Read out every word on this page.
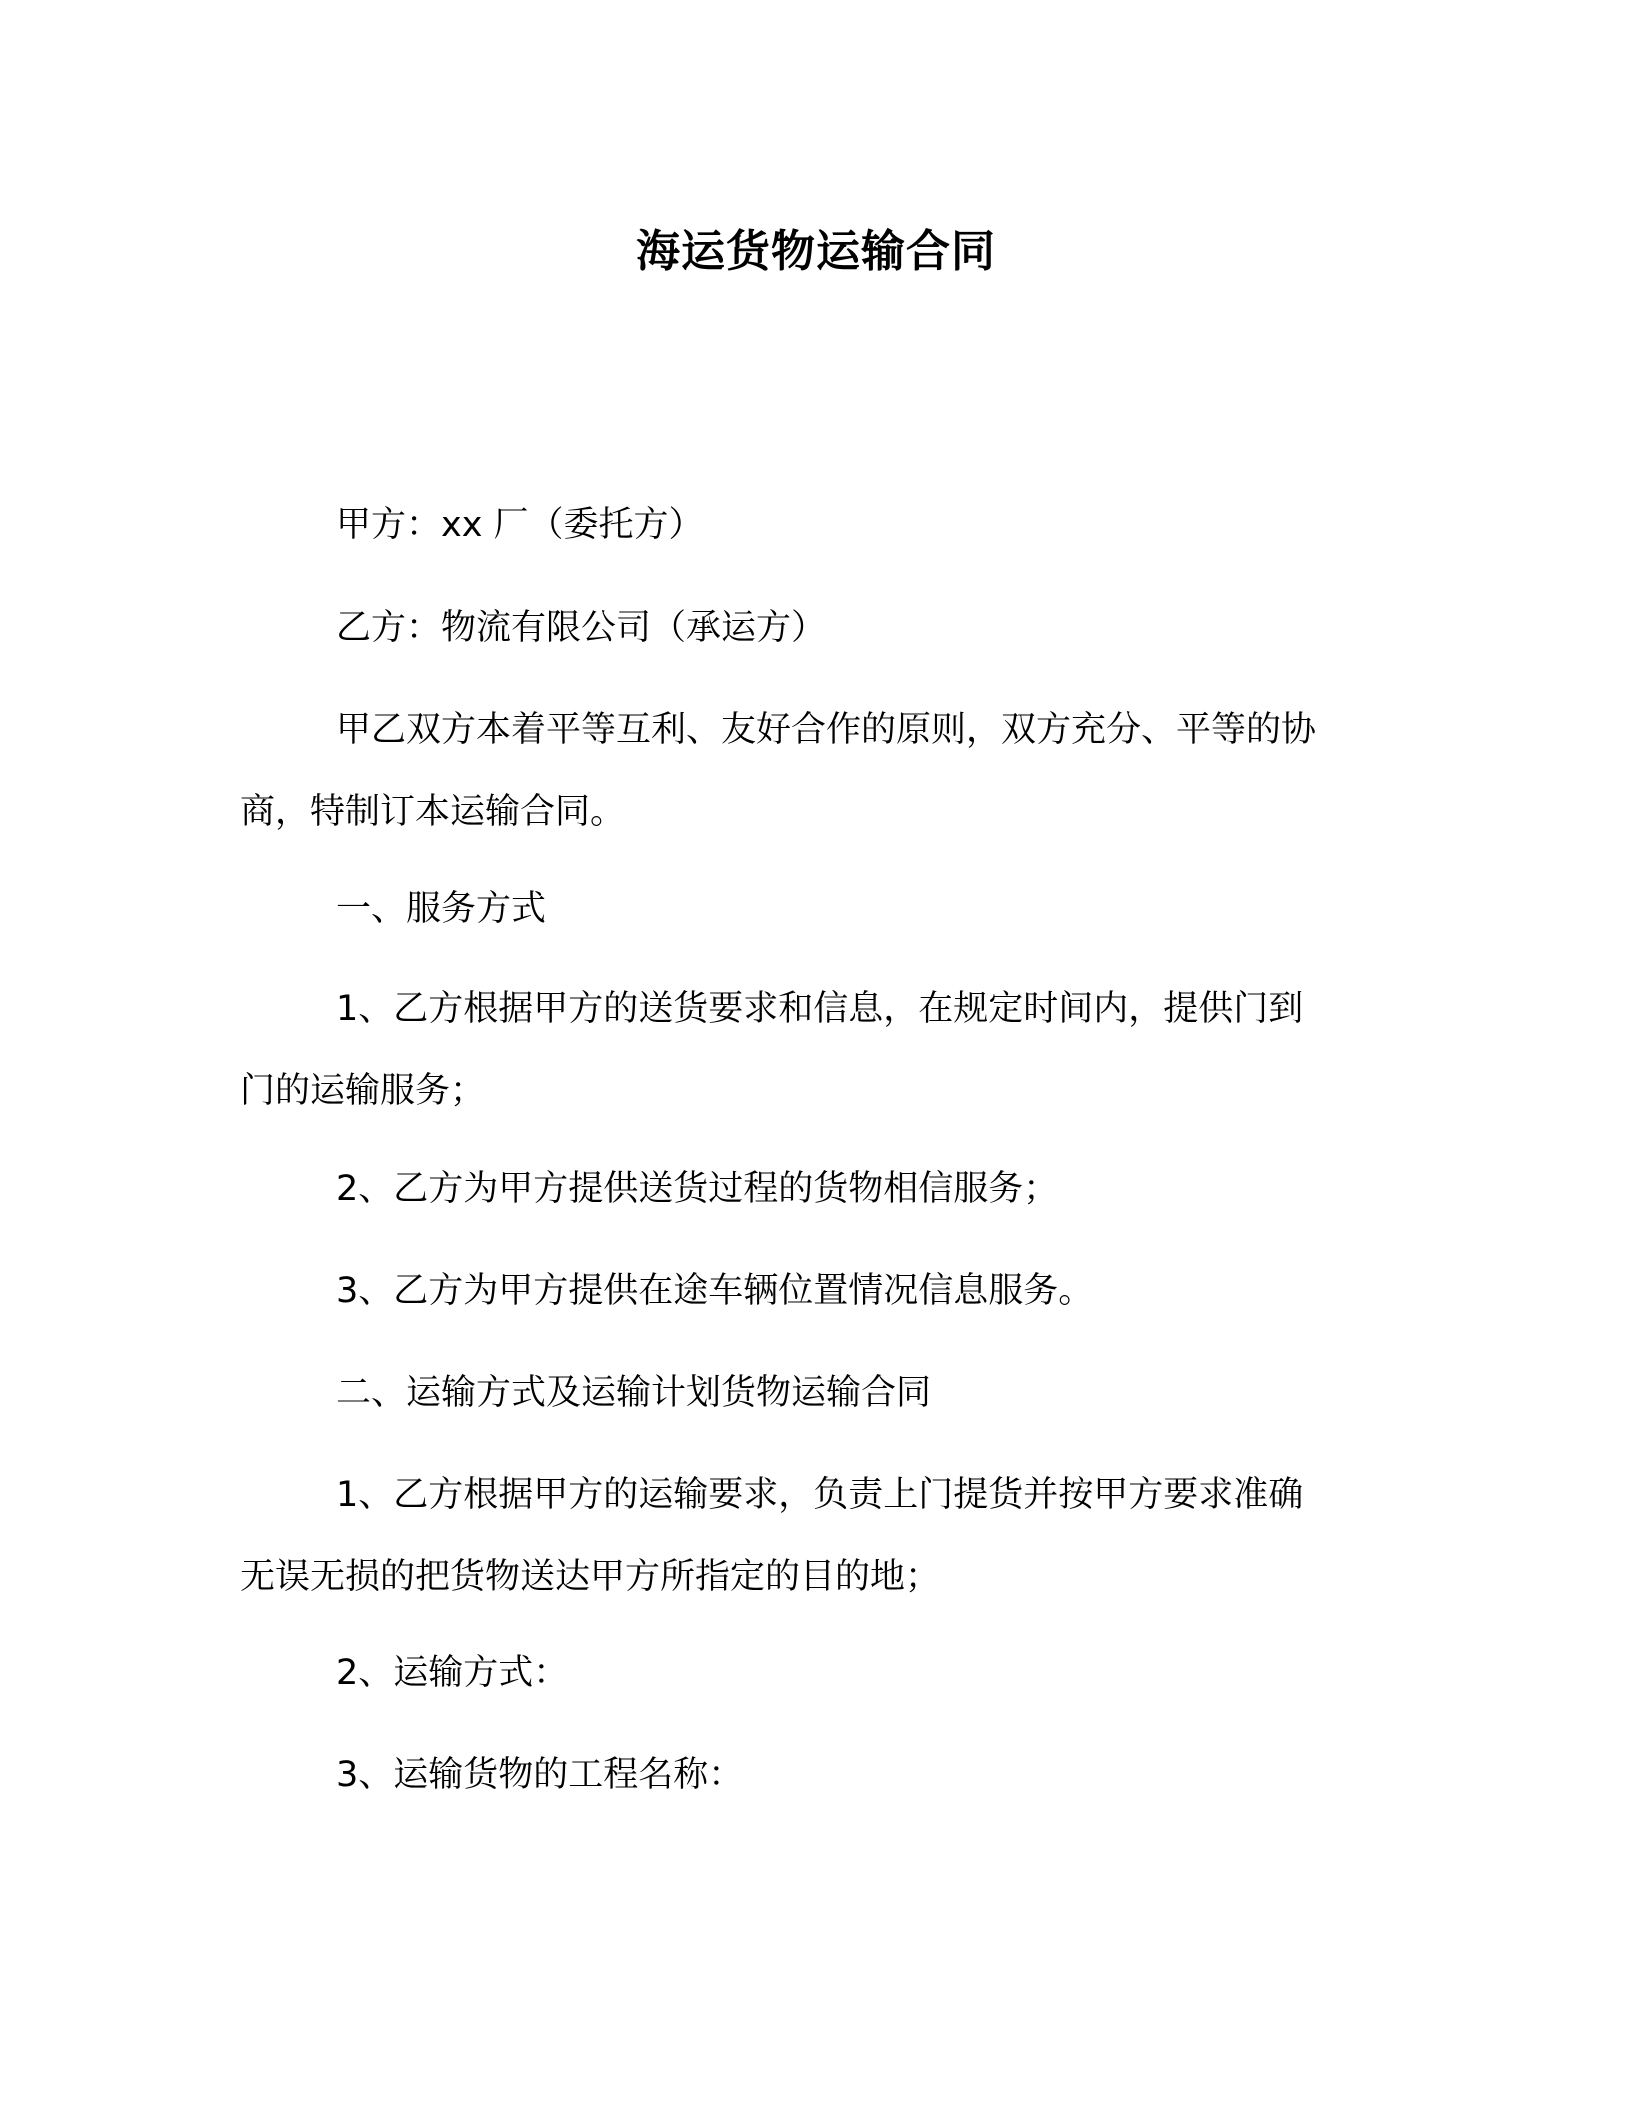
海运货物运输合同

甲方：xx 厂（委托方）

乙方：物流有限公司（承运方）

甲乙双方本着平等互利、友好合作的原则，双方充分、平等的协
商，特制订本运输合同。

一、服务方式

1、乙方根据甲方的送货要求和信息，在规定时间内，提供门到
门的运输服务；

2、乙方为甲方提供送货过程的货物相信服务；

3、乙方为甲方提供在途车辆位置情况信息服务。

二、运输方式及运输计划货物运输合同

1、乙方根据甲方的运输要求，负责上门提货并按甲方要求准确
无误无损的把货物送达甲方所指定的目的地；

2、运输方式：

3、运输货物的工程名称：
